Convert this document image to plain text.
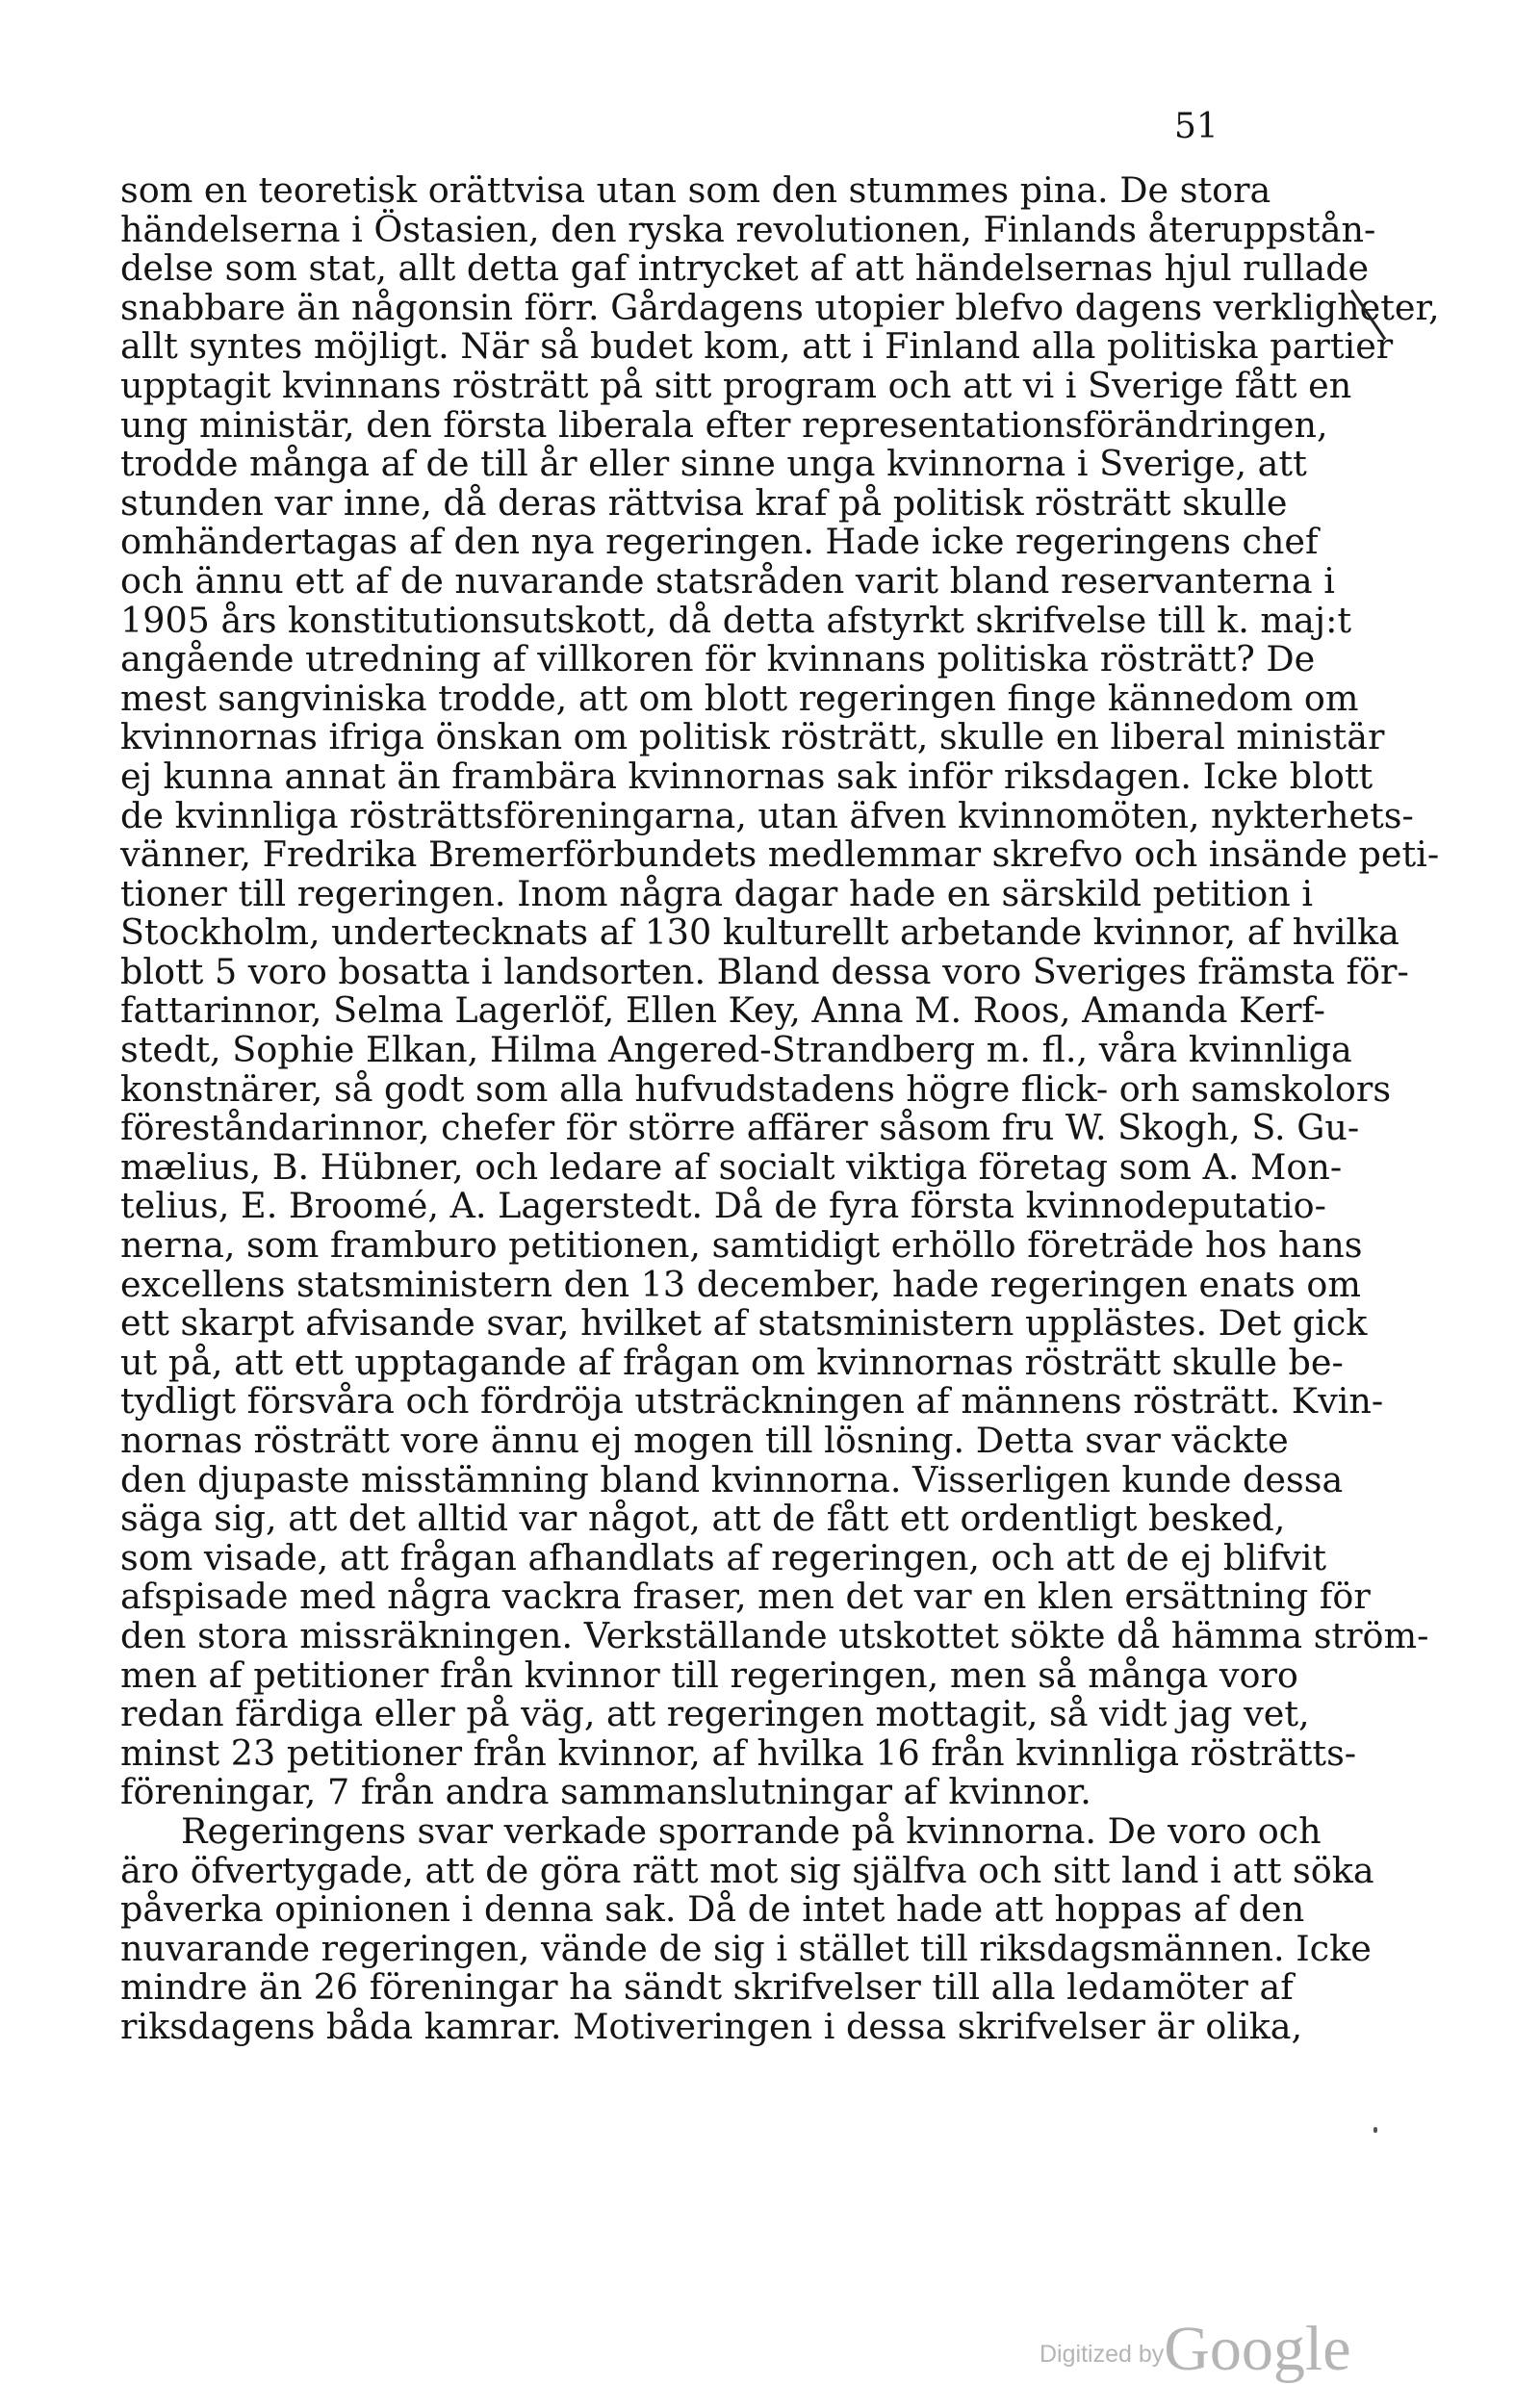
51
som en teoretisk orättvisa utan som den stummes pina. De stora
händelserna i Östasien, den ryska revolutionen, Finlands återuppstån-
delse som stat, allt detta gaf intrycket af att händelsernas hjul rullade
snabbare än någonsin förr. Gårdagens utopier blefvo dagens verkligheter,
allt syntes möjligt. När så budet kom, att i Finland alla politiska partier
upptagit kvinnans rösträtt på sitt program och att vi i Sverige fått en
ung ministär, den första liberala efter representationsförändringen,
trodde många af de till år eller sinne unga kvinnorna i Sverige, att
stunden var inne, då deras rättvisa kraf på politisk rösträtt skulle
omhändertagas af den nya regeringen. Hade icke regeringens chef
och ännu ett af de nuvarande statsråden varit bland reservanterna i
1905 års konstitutionsutskott, då detta afstyrkt skrifvelse till k. maj:t
angående utredning af villkoren för kvinnans politiska rösträtt? De
mest sangviniska trodde, att om blott regeringen finge kännedom om
kvinnornas ifriga önskan om politisk rösträtt, skulle en liberal ministär
ej kunna annat än frambära kvinnornas sak inför riksdagen. Icke blott
de kvinnliga rösträttsföreningarna, utan äfven kvinnomöten, nykterhets-
vänner, Fredrika Bremerförbundets medlemmar skrefvo och insände peti-
tioner till regeringen. Inom några dagar hade en särskild petition i
Stockholm, undertecknats af 130 kulturellt arbetande kvinnor, af hvilka
blott 5 voro bosatta i landsorten. Bland dessa voro Sveriges främsta för-
fattarinnor, Selma Lagerlöf, Ellen Key, Anna M. Roos, Amanda Kerf-
stedt, Sophie Elkan, Hilma Angered-Strandberg m. fl., våra kvinnliga
konstnärer, så godt som alla hufvudstadens högre flick- orh samskolors
föreståndarinnor, chefer för större affärer såsom fru W. Skogh, S. Gu-
mælius, B. Hübner, och ledare af socialt viktiga företag som A. Mon-
telius, E. Broomé, A. Lagerstedt. Då de fyra första kvinnodeputatio-
nerna, som framburo petitionen, samtidigt erhöllo företräde hos hans
excellens statsministern den 13 december, hade regeringen enats om
ett skarpt afvisande svar, hvilket af statsministern upplästes. Det gick
ut på, att ett upptagande af frågan om kvinnornas rösträtt skulle be-
tydligt försvåra och fördröja utsträckningen af männens rösträtt. Kvin-
nornas rösträtt vore ännu ej mogen till lösning. Detta svar väckte
den djupaste misstämning bland kvinnorna. Visserligen kunde dessa
säga sig, att det alltid var något, att de fått ett ordentligt besked,
som visade, att frågan afhandlats af regeringen, och att de ej blifvit
afspisade med några vackra fraser, men det var en klen ersättning för
den stora missräkningen. Verkställande utskottet sökte då hämma ström-
men af petitioner från kvinnor till regeringen, men så många voro
redan färdiga eller på väg, att regeringen mottagit, så vidt jag vet,
minst 23 petitioner från kvinnor, af hvilka 16 från kvinnliga rösträtts-
föreningar, 7 från andra sammanslutningar af kvinnor.
Regeringens svar verkade sporrande på kvinnorna. De voro och
äro öfvertygade, att de göra rätt mot sig själfva och sitt land i att söka
påverka opinionen i denna sak. Då de intet hade att hoppas af den
nuvarande regeringen, vände de sig i stället till riksdagsmännen. Icke
mindre än 26 föreningar ha sändt skrifvelser till alla ledamöter af
riksdagens båda kamrar. Motiveringen i dessa skrifvelser är olika,
Digitized byGoogle
